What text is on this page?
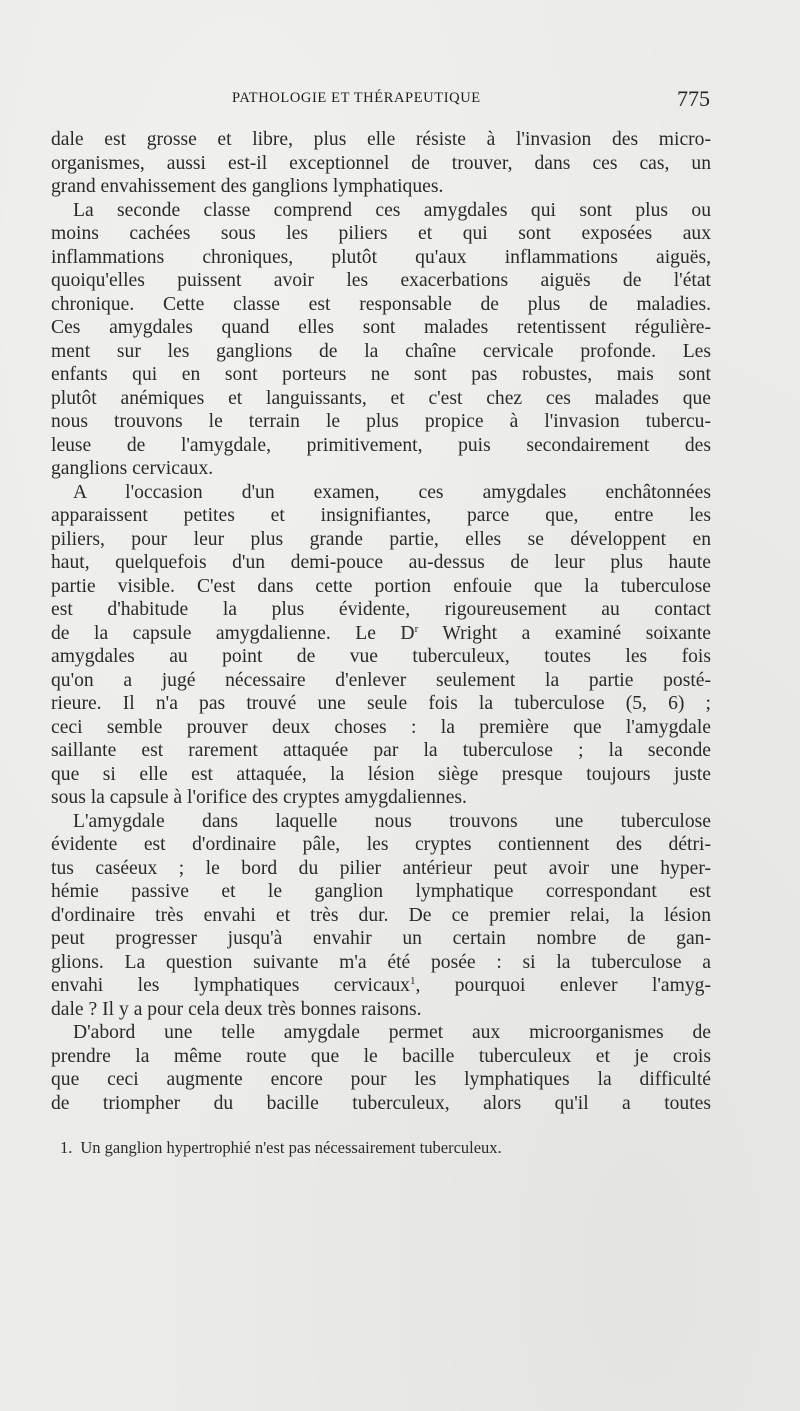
PATHOLOGIE ET THÉRAPEUTIQUE	775
dale est grosse et libre, plus elle résiste à l'invasion des micro-
organismes, aussi est-il exceptionnel de trouver, dans ces cas, un
grand envahissement des ganglions lymphatiques.
La seconde classe comprend ces amygdales qui sont plus ou
moins cachées sous les piliers et qui sont exposées aux
inflammations chroniques, plutôt qu'aux inflammations aiguës,
quoiqu'elles puissent avoir les exacerbations aiguës de l'état
chronique. Cette classe est responsable de plus de maladies.
Ces amygdales quand elles sont malades retentissent régulière-
ment sur les ganglions de la chaîne cervicale profonde. Les
enfants qui en sont porteurs ne sont pas robustes, mais sont
plutôt anémiques et languissants, et c'est chez ces malades que
nous trouvons le terrain le plus propice à l'invasion tubercu-
leuse de l'amygdale, primitivement, puis secondairement des
ganglions cervicaux.
A l'occasion d'un examen, ces amygdales enchâtonnées
apparaissent petites et insignifiantes, parce que, entre les
piliers, pour leur plus grande partie, elles se développent en
haut, quelquefois d'un demi-pouce au-dessus de leur plus haute
partie visible. C'est dans cette portion enfouie que la tuberculose
est d'habitude la plus évidente, rigoureusement au contact
de la capsule amygdalienne. Le $D^r$ Wright a examiné soixante
amygdales au point de vue tuberculeux, toutes les fois
qu'on a jugé nécessaire d'enlever seulement la partie posté-
rieure. Il n'a pas trouvé une seule fois la tuberculose (5, 6) ;
ceci semble prouver deux choses : la première que l'amygdale
saillante est rarement attaquée par la tuberculose ; la seconde
que si elle est attaquée, la lésion siège presque toujours juste
sous la capsule à l'orifice des cryptes amygdaliennes.
L'amygdale dans laquelle nous trouvons une tuberculose
évidente est d'ordinaire pâle, les cryptes contiennent des détri-
tus caséeux ; le bord du pilier antérieur peut avoir une hyper-
hémie passive et le ganglion lymphatique correspondant est
d'ordinaire très envahi et très dur. De ce premier relai, la lésion
peut progresser jusqu'à envahir un certain nombre de gan-
glions. La question suivante m'a été posée : si la tuberculose a
envahi les lymphatiques cervicaux$^1$, pourquoi enlever l'amyg-
dale ? Il y a pour cela deux très bonnes raisons.
D'abord une telle amygdale permet aux microorganismes de
prendre la même route que le bacille tuberculeux et je crois
que ceci augmente encore pour les lymphatiques la difficulté
de triompher du bacille tuberculeux, alors qu'il a toutes
1. Un ganglion hypertrophié n'est pas nécessairement tuberculeux.
